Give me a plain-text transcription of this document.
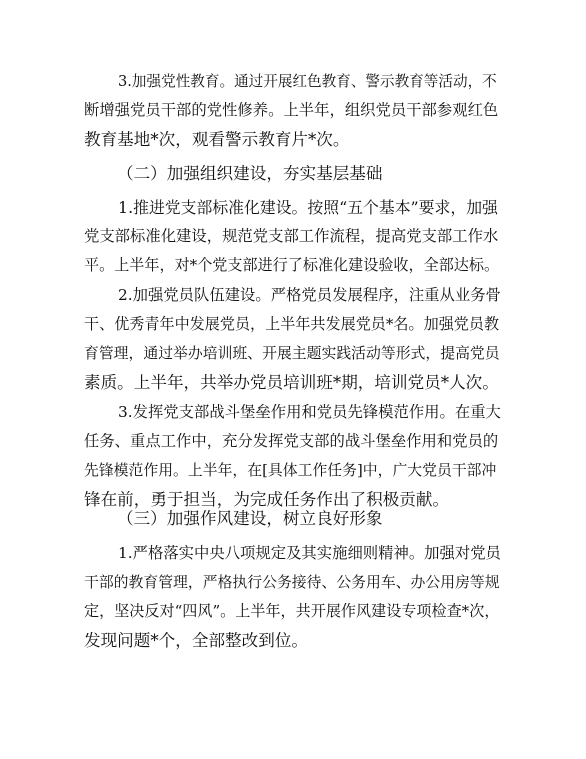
3.加强党性教育。通过开展红色教育、警示教育等活动，不
断增强党员干部的党性修养。上半年，组织党员干部参观红色
教育基地*次，观看警示教育片*次。

（二）加强组织建设，夯实基层基础

1.推进党支部标准化建设。按照“五个基本”要求，加强
党支部标准化建设，规范党支部工作流程，提高党支部工作水
平。上半年，对*个党支部进行了标准化建设验收，全部达标。
2.加强党员队伍建设。严格党员发展程序，注重从业务骨
干、优秀青年中发展党员，上半年共发展党员*名。加强党员教
育管理，通过举办培训班、开展主题实践活动等形式，提高党员
素质。上半年，共举办党员培训班*期，培训党员*人次。
3.发挥党支部战斗堡垒作用和党员先锋模范作用。在重大
任务、重点工作中，充分发挥党支部的战斗堡垒作用和党员的
先锋模范作用。上半年，在[具体工作任务]中，广大党员干部冲
锋在前，勇于担当，为完成任务作出了积极贡献。

（三）加强作风建设，树立良好形象

1.严格落实中央八项规定及其实施细则精神。加强对党员
干部的教育管理，严格执行公务接待、公务用车、办公用房等规
定，坚决反对“四风”。上半年，共开展作风建设专项检查*次，
发现问题*个，全部整改到位。
